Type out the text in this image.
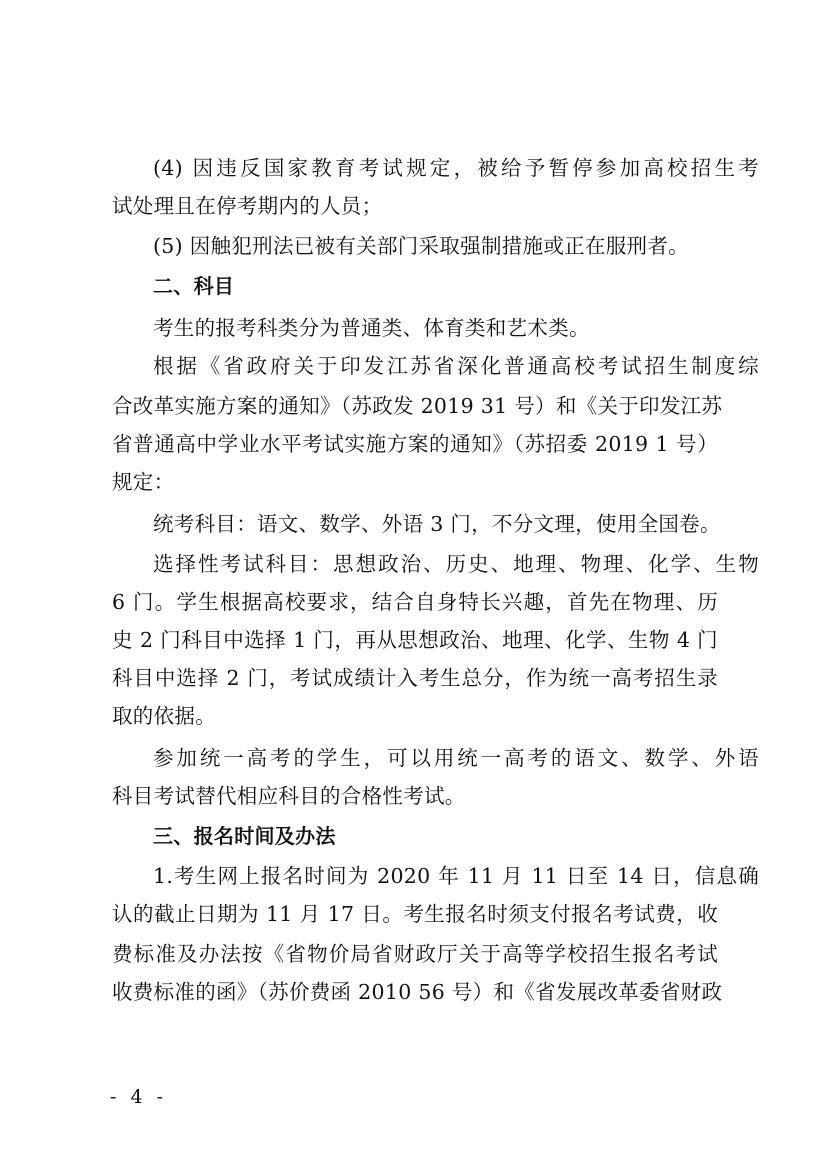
(4) 因违反国家教育考试规定，被给予暂停参加高校招生考
试处理且在停考期内的人员；
(5) 因触犯刑法已被有关部门采取强制措施或正在服刑者。
二、科目
考生的报考科类分为普通类、体育类和艺术类。
根据《省政府关于印发江苏省深化普通高校考试招生制度综
合改革实施方案的通知》（苏政发 2019 31 号）和《关于印发江苏
省普通高中学业水平考试实施方案的通知》（苏招委 2019 1 号）
规定：
统考科目：语文、数学、外语 3 门，不分文理，使用全国卷。
选择性考试科目：思想政治、历史、地理、物理、化学、生物
6 门。学生根据高校要求，结合自身特长兴趣，首先在物理、历
史 2 门科目中选择 1 门，再从思想政治、地理、化学、生物 4 门
科目中选择 2 门，考试成绩计入考生总分，作为统一高考招生录
取的依据。
参加统一高考的学生，可以用统一高考的语文、数学、外语
科目考试替代相应科目的合格性考试。
三、报名时间及办法
1.考生网上报名时间为 2020 年 11 月 11 日至 14 日，信息确
认的截止日期为 11 月 17 日。考生报名时须支付报名考试费，收
费标准及办法按《省物价局省财政厅关于高等学校招生报名考试
收费标准的函》（苏价费函 2010 56 号）和《省发展改革委省财政
- 4 -
